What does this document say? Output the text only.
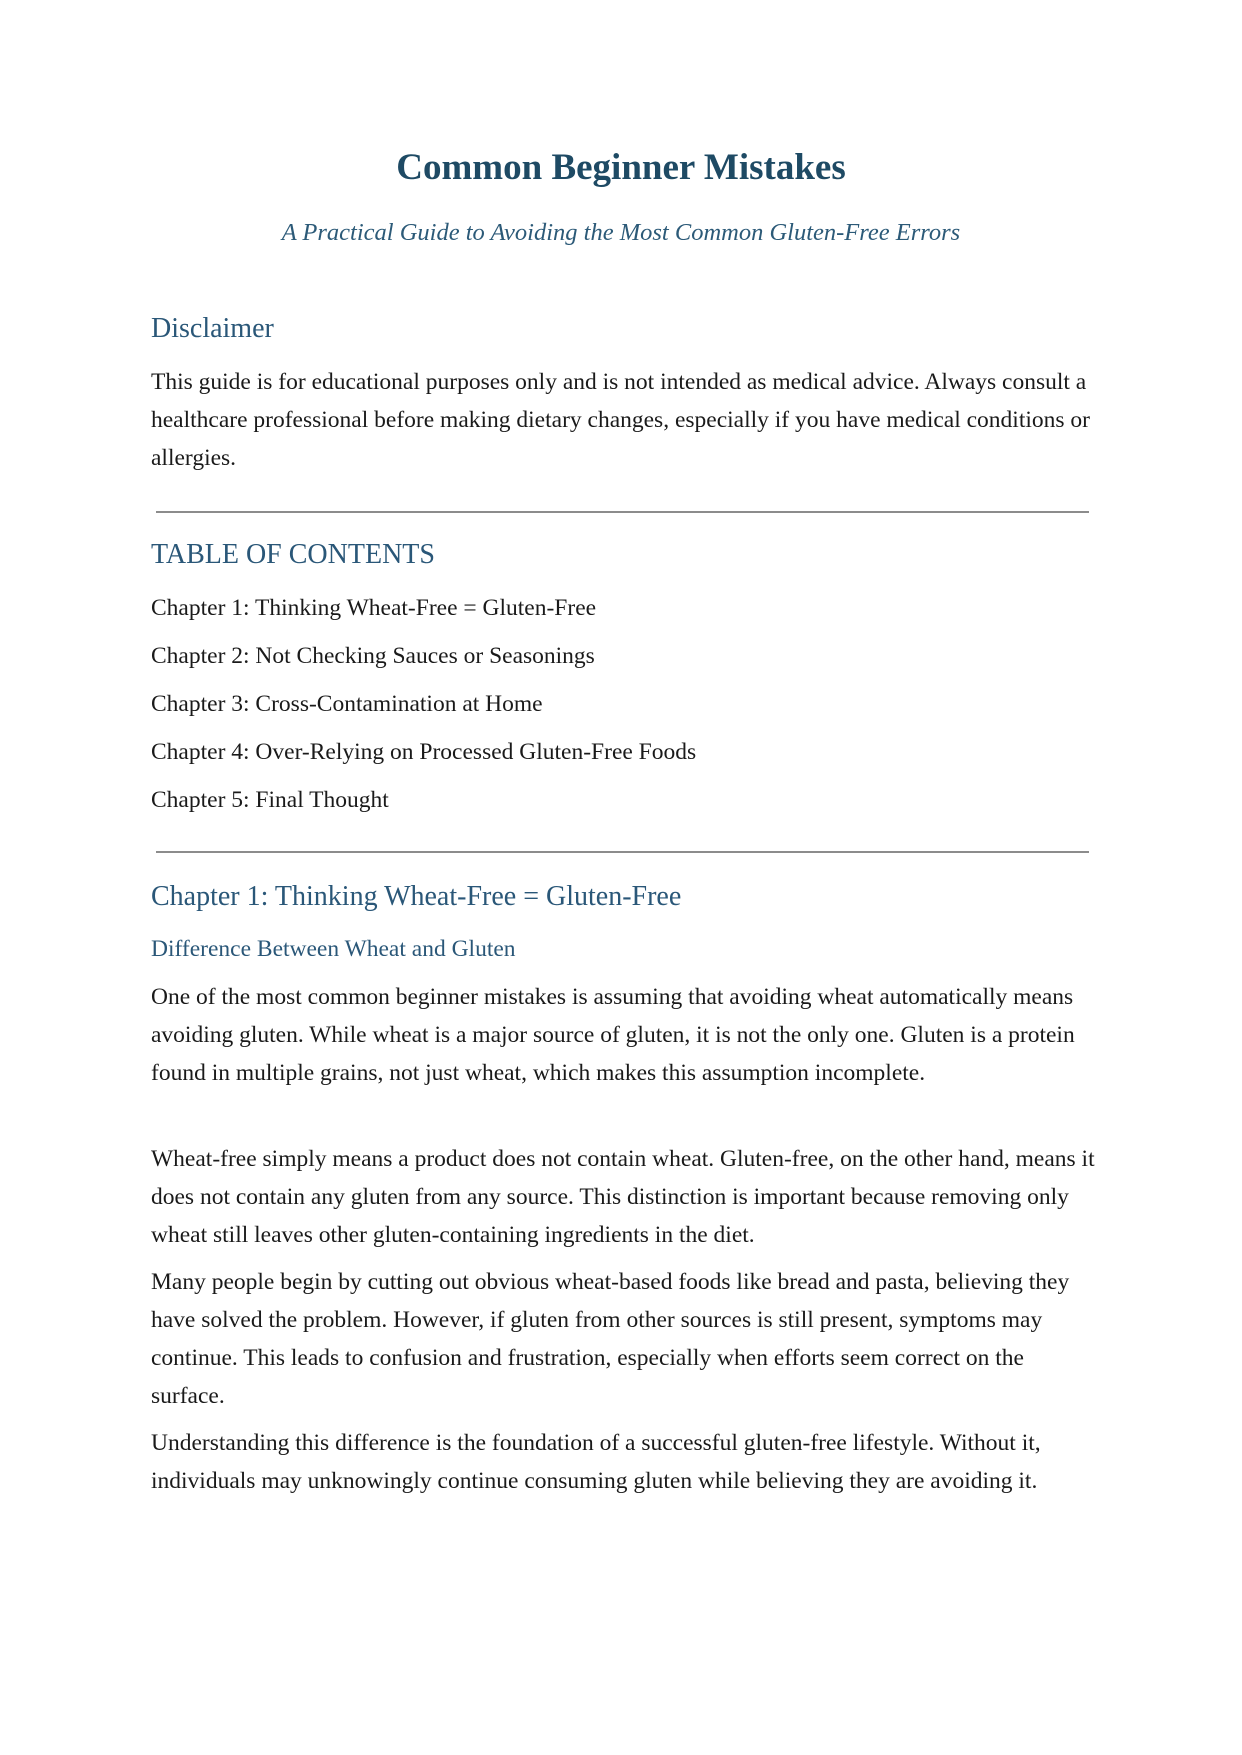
Common Beginner Mistakes

A Practical Guide to Avoiding the Most Common Gluten-Free Errors

Disclaimer

This guide is for educational purposes only and is not intended as medical advice. Always consult a healthcare professional before making dietary changes, especially if you have medical conditions or allergies.

TABLE OF CONTENTS

Chapter 1: Thinking Wheat-Free = Gluten-Free

Chapter 2: Not Checking Sauces or Seasonings

Chapter 3: Cross-Contamination at Home

Chapter 4: Over-Relying on Processed Gluten-Free Foods

Chapter 5: Final Thought

Chapter 1: Thinking Wheat-Free = Gluten-Free
Difference Between Wheat and Gluten

One of the most common beginner mistakes is assuming that avoiding wheat automatically means avoiding gluten. While wheat is a major source of gluten, it is not the only one. Gluten is a protein found in multiple grains, not just wheat, which makes this assumption incomplete.

Wheat-free simply means a product does not contain wheat. Gluten-free, on the other hand, means it does not contain any gluten from any source. This distinction is important because removing only wheat still leaves other gluten-containing ingredients in the diet.

Many people begin by cutting out obvious wheat-based foods like bread and pasta, believing they have solved the problem. However, if gluten from other sources is still present, symptoms may continue. This leads to confusion and frustration, especially when efforts seem correct on the surface.

Understanding this difference is the foundation of a successful gluten-free lifestyle. Without it, individuals may unknowingly continue consuming gluten while believing they are avoiding it.
